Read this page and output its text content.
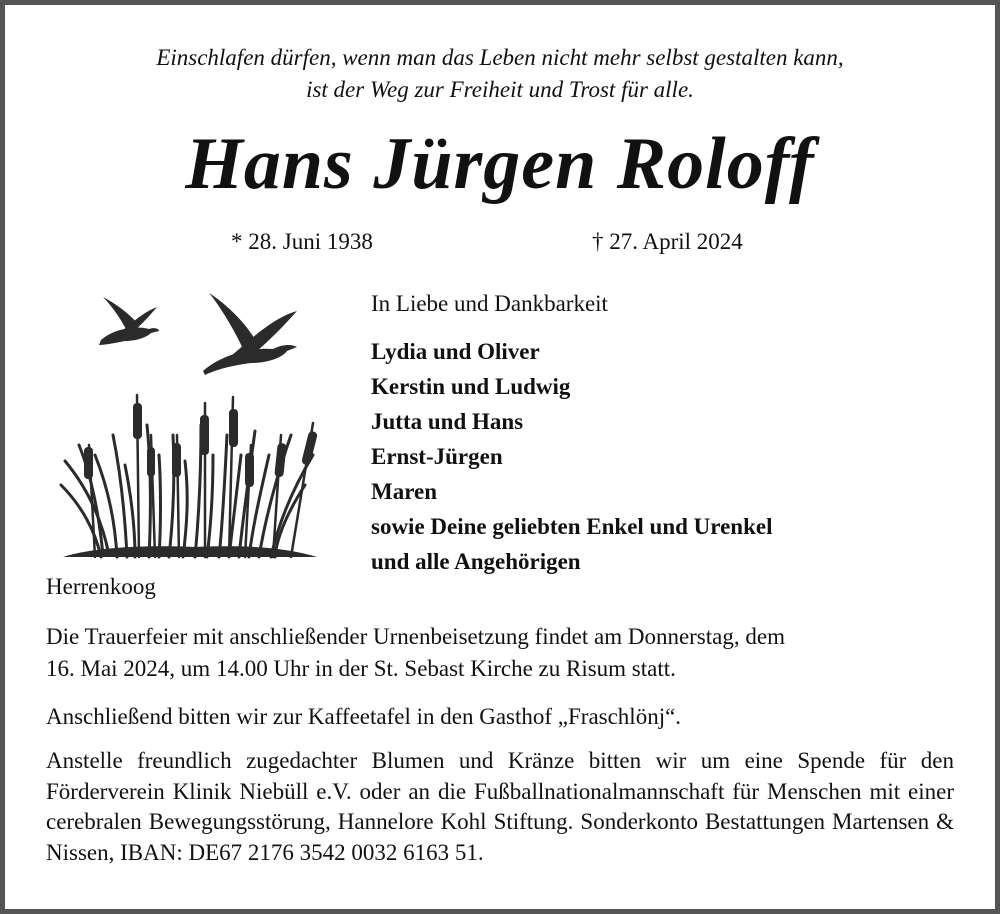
Einschlafen dürfen, wenn man das Leben nicht mehr selbst gestalten kann,
ist der Weg zur Freiheit und Trost für alle.
Hans Jürgen Roloff
* 28. Juni 1938	† 27. April 2024
In Liebe und Dankbarkeit
Lydia und Oliver
Kerstin und Ludwig
Jutta und Hans
Ernst-Jürgen
Maren
sowie Deine geliebten Enkel und Urenkel
und alle Angehörigen
Herrenkoog
Die Trauerfeier mit anschließender Urnenbeisetzung findet am Donnerstag, dem
16. Mai 2024, um 14.00 Uhr in der St. Sebast Kirche zu Risum statt.
Anschließend bitten wir zur Kaffeetafel in den Gasthof „Fraschlönj“.
Anstelle freundlich zugedachter Blumen und Kränze bitten wir um eine Spende für den Förderverein Klinik Niebüll e.V. oder an die Fußballnationalmannschaft für Menschen mit einer cerebralen Bewegungsstörung, Hannelore Kohl Stiftung. Sonderkonto Bestattungen Martensen & Nissen, IBAN: DE67 2176 3542 0032 6163 51.
